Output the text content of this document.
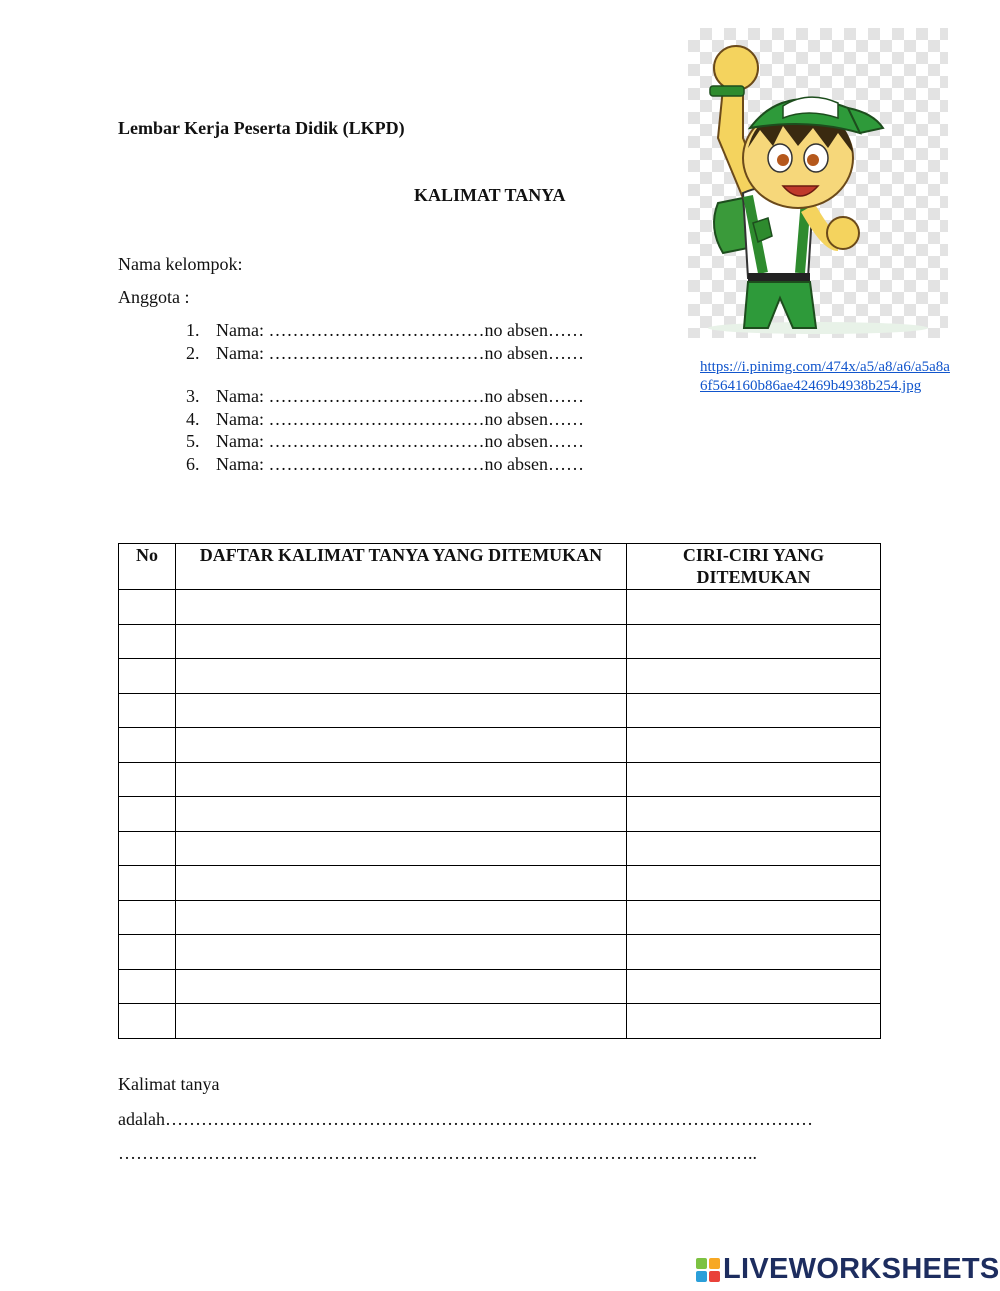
Lembar Kerja Peserta Didik (LKPD)
KALIMAT TANYA
Nama kelompok:
Anggota :
1. Nama: ………………………………no absen……
2. Nama: ………………………………no absen……
3. Nama: ………………………………no absen……
4. Nama: ………………………………no absen……
5. Nama: ………………………………no absen……
6. Nama: ………………………………no absen……
https://i.pinimg.com/474x/a5/a8/a6/a5a8a6f564160b86ae42469b4938b254.jpg
No	DAFTAR KALIMAT TANYA YANG DITEMUKAN	CIRI-CIRI YANG DITEMUKAN

Kalimat tanya
adalah………………………………………………………………………………………………
……………………………………………………………………………………………..
LIVEWORKSHEETS
